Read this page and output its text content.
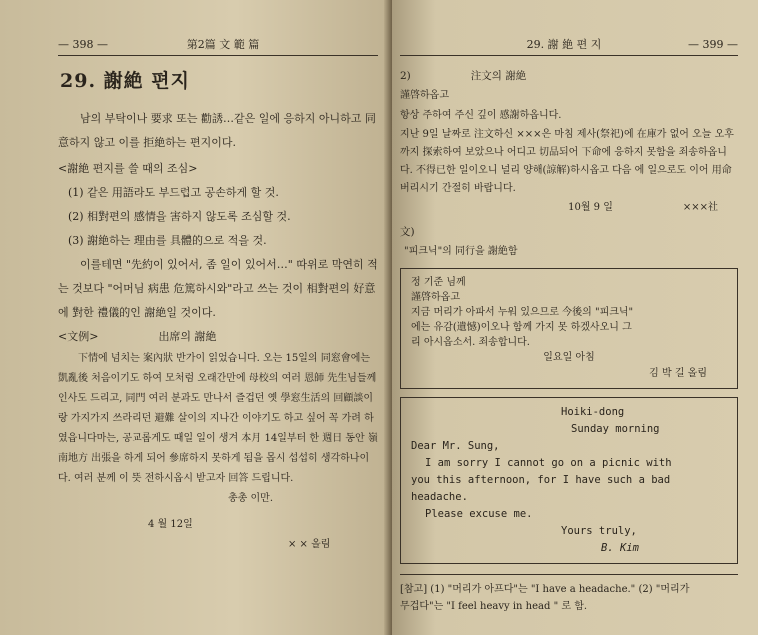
— 398 —	第2篇 文 範 篇
29. 謝絶 편지

남의 부탁이나 要求 또는 勸誘…같은 일에 응하지 아니하고 同意하지 않고 이를 拒絶하는 편지이다.

<謝絶 편지를 쓸 때의 조심>

(1) 같은 用語라도 부드럽고 공손하게 할 것.

(2) 相對편의 感情을 害하지 않도록 조심할 것.

(3) 謝絶하는 理由를 具體的으로 적을 것.

이를테면 "先約이 있어서, 좀 일이 있어서…" 따위로 막연히 적는 것보다 "어머님 病患 危篤하시와"라고 쓰는 것이 相對편의 好意에 對한 禮儀的인 謝絶일 것이다.

<文例>	出席의 謝絶

下情에 넘치는 案內狀 반가이 읽었습니다. 오는 15일의 同窓會에는 凱亂後 처음이기도 하여 모처럼 오래간만에 母校의 여러 恩師 先生님들께 인사도 드리고, 同門 여러 분과도 만나서 즐겁던 옛 學窓生活의 回顧談이랑 가지가지 쓰라리던 避難 살이의 지나간 이야기도 하고 싶어 꼭 가려 하였읍니다마는, 공교롭게도 때일 일이 생겨 本月 14일부터 한 週日 동안 嶺南地方 出張을 하게 되어 參席하지 못하게 됨을 몹시 섭섭히 생각하나이다. 여러 분께 이 뜻 전하시옵시 받고자 回答 드립니다.

총총 이만.

4 월 12일

× × 올림

29. 謝 絶 편 지	— 399 —
2)	注文의 謝絶

謹啓하옵고

항상 주하여 주신 깊이 感謝하옵니다.

지난 9일 날짜로 注文하신 ×××은 마침 제사(祭祀)에 在庫가 없어 오늘 오후까지 探索하여 보았으나 어디고 切品되어 下命에 응하지 못함을 죄송하옵니다. 不得已한 일이오니 널리 양해(諒解)하시옵고 다음 에 일으로도 이어 用命 버리시기 간절히 바랍니다.

10월 9 일	×××社
文)

"피크닉"의 同行을 謝絶함

정 기준 님께

謹啓하옵고

지금 머리가 아파서 누워 있으므로 今後의 "피크닉"

에는 유감(遺憾)이오나 함께 가지 못 하겠사오니 그

리 아시옵소서. 죄송합니다.

일요일 아침

김 박 길 올림

Hoiki-dong
Sunday morning
Dear Mr. Sung,
I am sorry I cannot go on a picnic with
you this afternoon, for I have such a bad
headache.
Please excuse me.
Yours truly,
B. Kim
[참고] (1) "머리가 아프다"는 "I have a headache." (2) "머리가
무겁다"는 "I feel heavy in head " 로 함.
